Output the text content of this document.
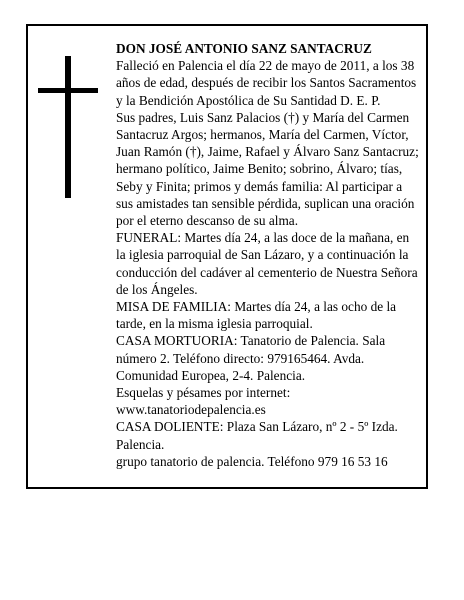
DON JOSÉ ANTONIO SANZ SANTACRUZ

Falleció en Palencia el día 22 de mayo de 2011, a los 38 años de edad, después de recibir los Santos Sacramentos y la Bendición Apostólica de Su Santidad D. E. P.

Sus padres, Luis Sanz Palacios (†) y María del Carmen Santacruz Argos; hermanos, María del Carmen, Víctor, Juan Ramón (†), Jaime, Rafael y Álvaro Sanz Santacruz; hermano político, Jaime Benito; sobrino, Álvaro; tías, Seby y Finita; primos y demás familia: Al participar a sus amistades tan sensible pérdida, suplican una oración por el eterno descanso de su alma.

FUNERAL: Martes día 24, a las doce de la mañana, en la iglesia parroquial de San Lázaro, y a continuación la conducción del cadáver al cementerio de Nuestra Señora de los Ángeles.

MISA DE FAMILIA: Martes día 24, a las ocho de la tarde, en la misma iglesia parroquial.

CASA MORTUORIA: Tanatorio de Palencia. Sala número 2. Teléfono directo: 979165464. Avda. Comunidad Europea, 2-4. Palencia.

Esquelas y pésames por internet: www.tanatoriodepalencia.es

CASA DOLIENTE: Plaza San Lázaro, nº 2 - 5º Izda. Palencia.

grupo tanatorio de palencia. Teléfono 979 16 53 16
